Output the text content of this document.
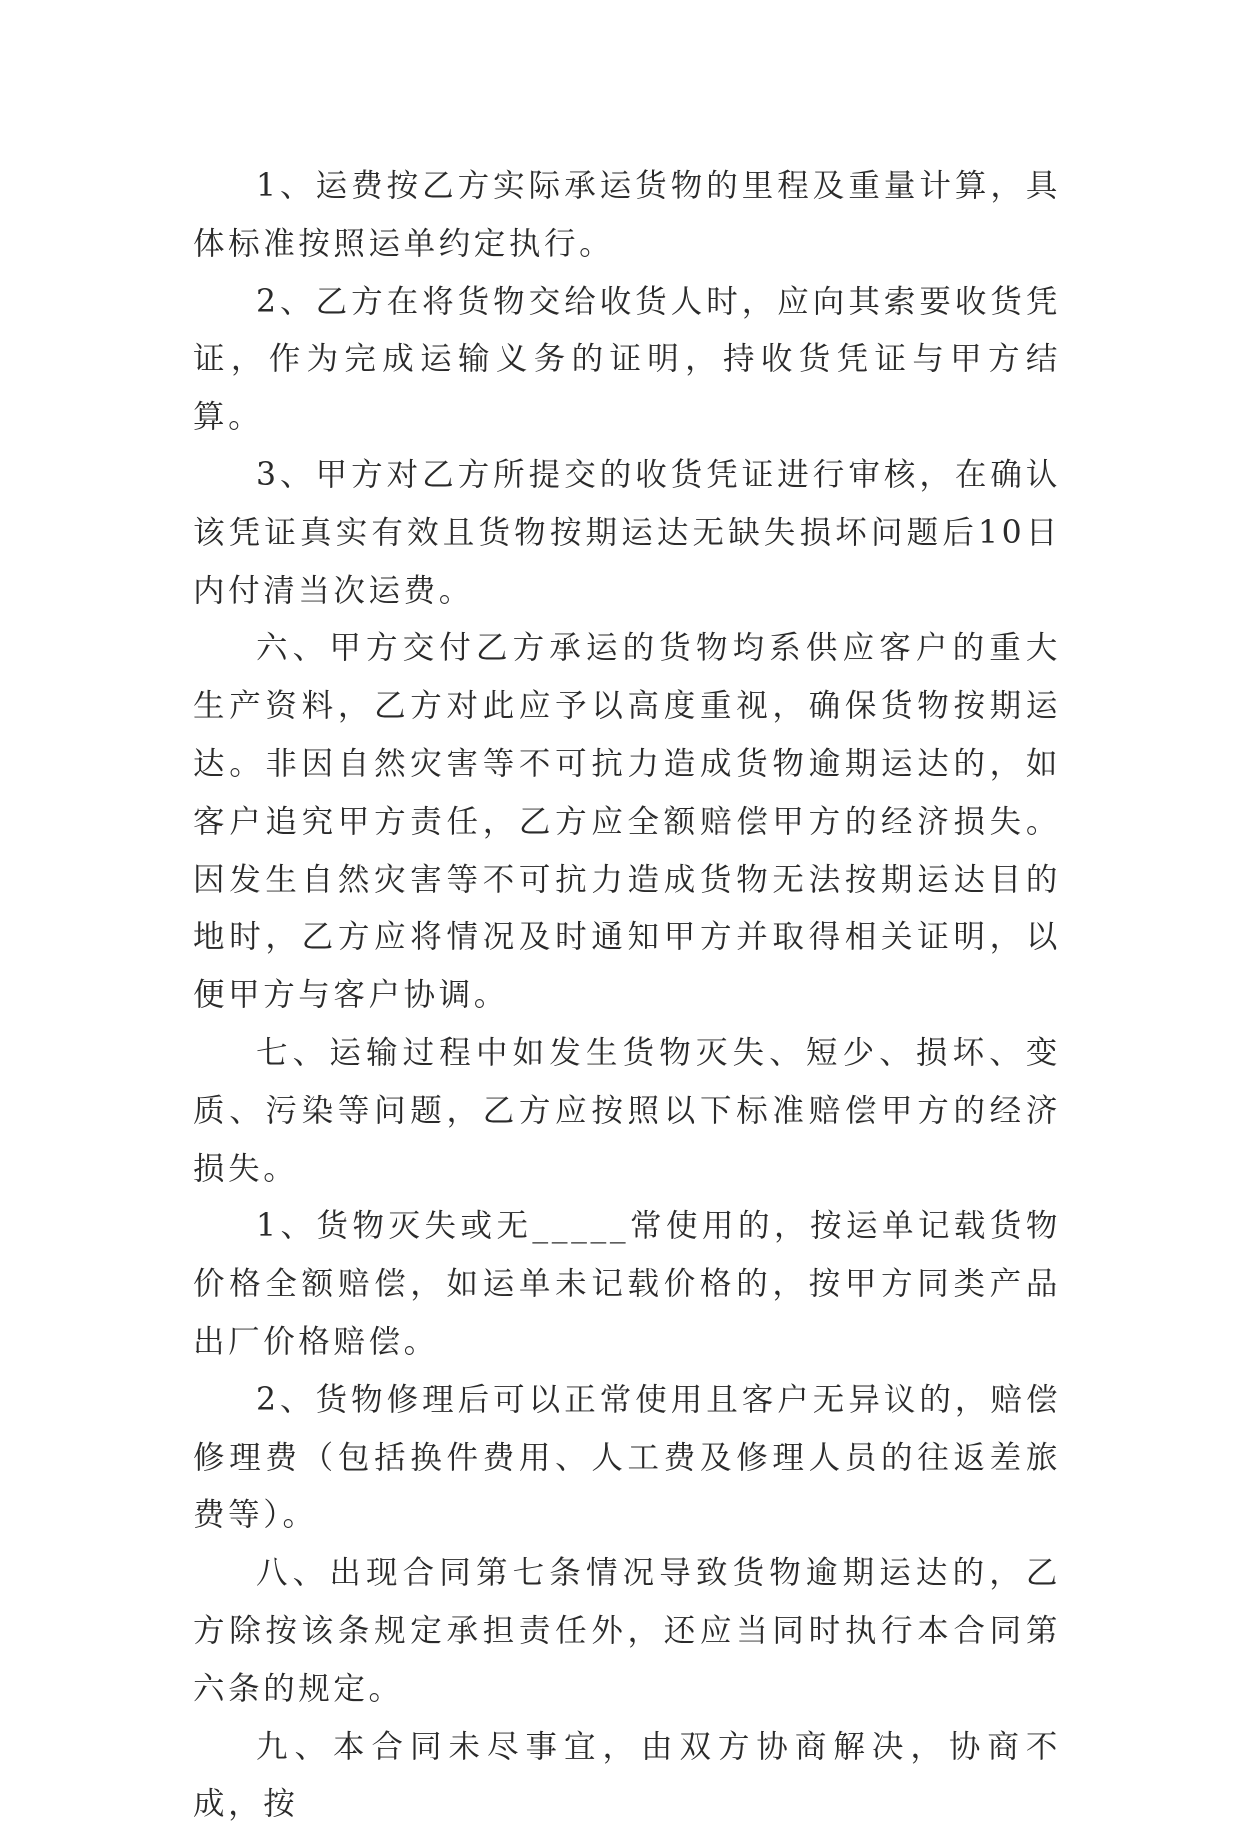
1、运费按乙方实际承运货物的里程及重量计算，具体标准按照运单约定执行。

2、乙方在将货物交给收货人时，应向其索要收货凭证，作为完成运输义务的证明，持收货凭证与甲方结算。

3、甲方对乙方所提交的收货凭证进行审核，在确认该凭证真实有效且货物按期运达无缺失损坏问题后10日内付清当次运费。

六、甲方交付乙方承运的货物均系供应客户的重大生产资料，乙方对此应予以高度重视，确保货物按期运达。非因自然灾害等不可抗力造成货物逾期运达的，如客户追究甲方责任，乙方应全额赔偿甲方的经济损失。因发生自然灾害等不可抗力造成货物无法按期运达目的地时，乙方应将情况及时通知甲方并取得相关证明，以便甲方与客户协调。

七、运输过程中如发生货物灭失、短少、损坏、变质、污染等问题，乙方应按照以下标准赔偿甲方的经济损失。

1、货物灭失或无_____常使用的，按运单记载货物价格全额赔偿，如运单未记载价格的，按甲方同类产品出厂价格赔偿。

2、货物修理后可以正常使用且客户无异议的，赔偿修理费（包括换件费用、人工费及修理人员的往返差旅费等）。

八、出现合同第七条情况导致货物逾期运达的，乙方除按该条规定承担责任外，还应当同时执行本合同第六条的规定。

九、本合同未尽事宜，由双方协商解决，协商不成，按
